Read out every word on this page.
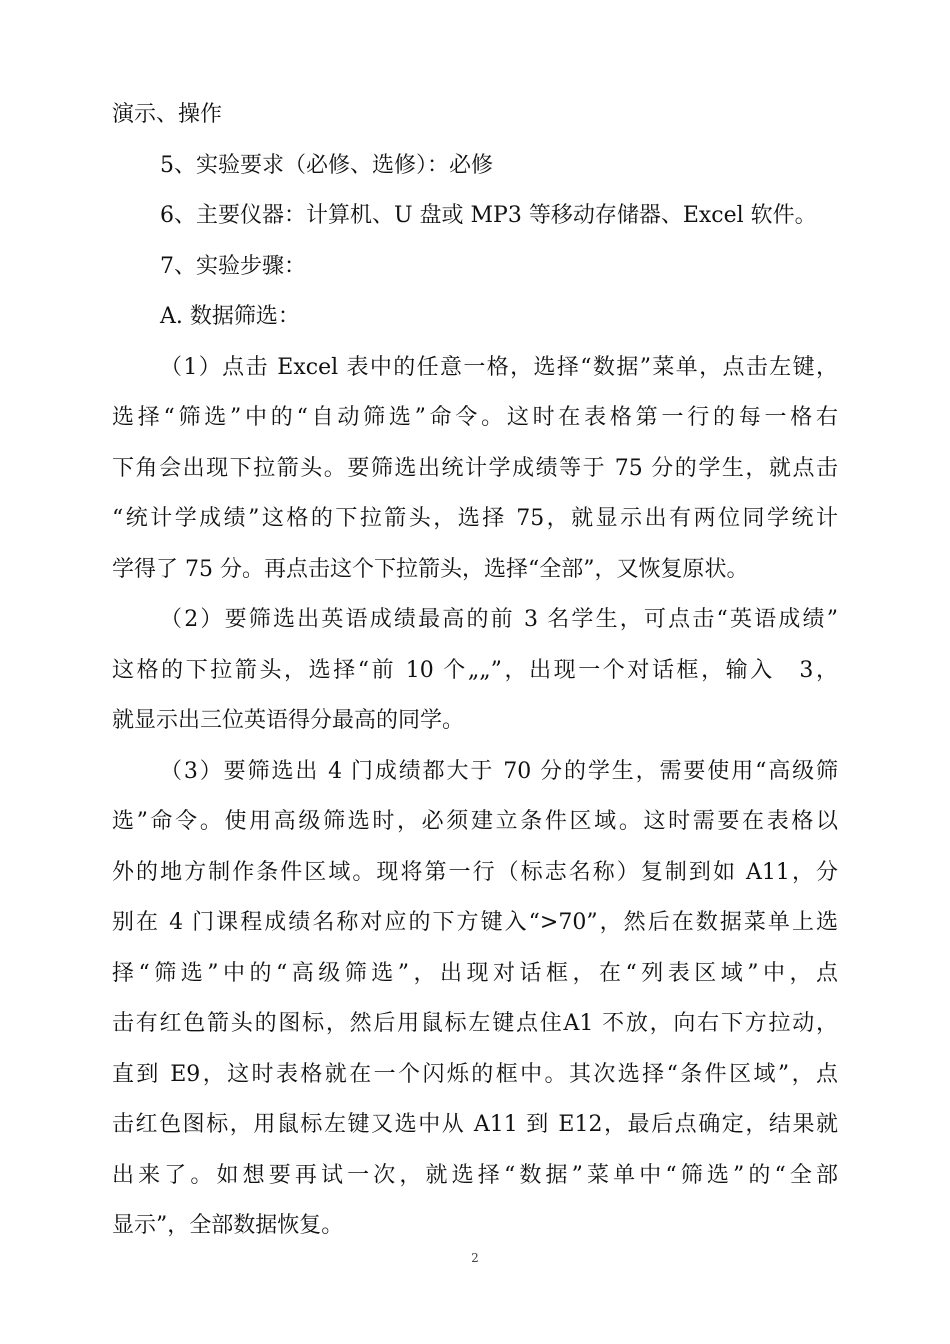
演示、操作
5、实验要求（必修、选修）：必修
6、主要仪器：计算机、U 盘或 MP3 等移动存储器、Excel 软件。
7、实验步骤：
A. 数据筛选：
（1）点击 Excel 表中的任意一格，选择“数据”菜单，点击左键，
选择“筛选”中的“自动筛选”命令。这时在表格第一行的每一格右
下角会出现下拉箭头。要筛选出统计学成绩等于 75 分的学生，就点击
“统计学成绩”这格的下拉箭头，选择 75，就显示出有两位同学统计
学得了 75 分。再点击这个下拉箭头，选择“全部”，又恢复原状。
（2）要筛选出英语成绩最高的前 3 名学生，可点击“英语成绩”
这格的下拉箭头，选择“前 10 个„„”，出现一个对话框，输入　3，
就显示出三位英语得分最高的同学。
（3）要筛选出 4 门成绩都大于 70 分的学生，需要使用“高级筛
选”命令。使用高级筛选时，必须建立条件区域。这时需要在表格以
外的地方制作条件区域。现将第一行（标志名称）复制到如 A11，分
别在 4 门课程成绩名称对应的下方键入“>70”，然后在数据菜单上选
择“筛选”中的“高级筛选”，出现对话框，在“列表区域”中，点
击有红色箭头的图标，然后用鼠标左键点住A1 不放，向右下方拉动，
直到 E9，这时表格就在一个闪烁的框中。其次选择“条件区域”，点
击红色图标，用鼠标左键又选中从 A11 到 E12，最后点确定，结果就
出来了。如想要再试一次，就选择“数据”菜单中“筛选”的“全部
显示”，全部数据恢复。
2
